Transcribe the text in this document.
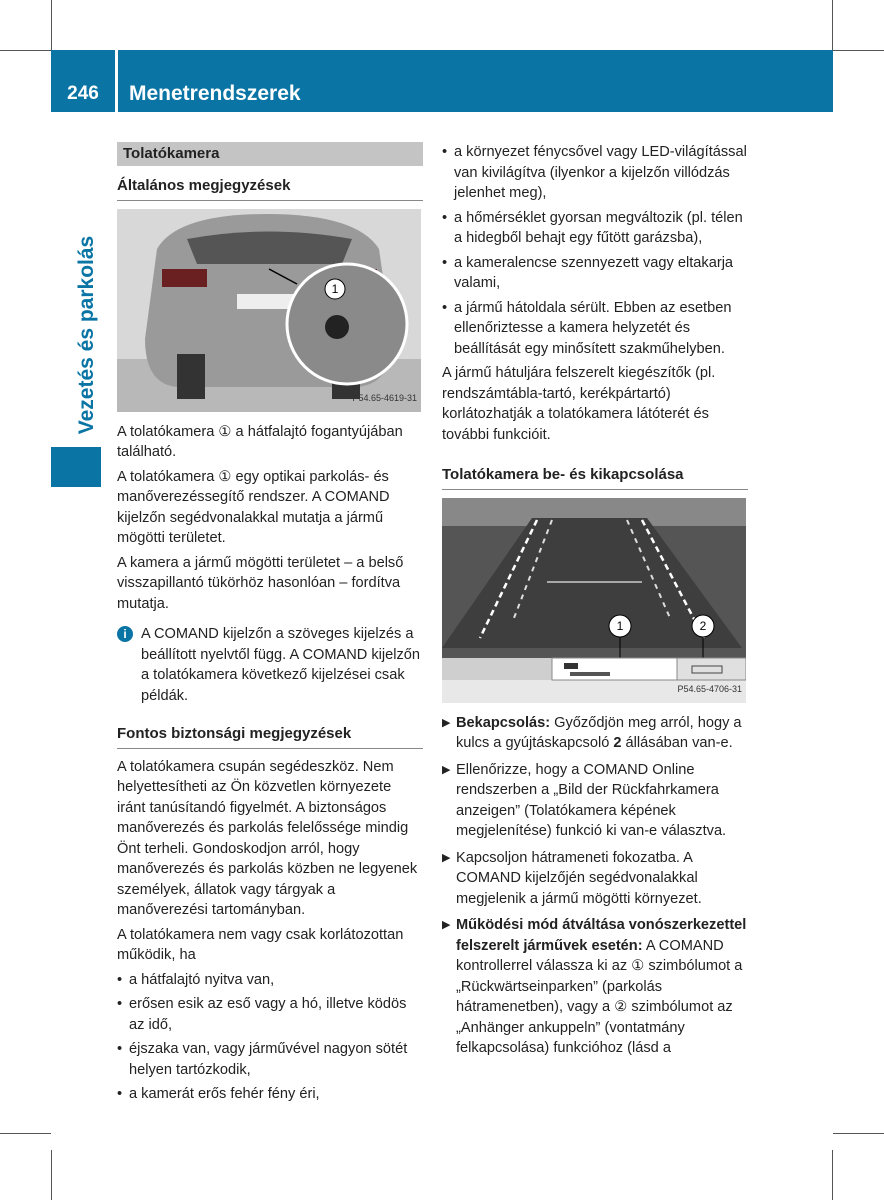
246	Menetrendszerek
Vezetés és parkolás
Tolatókamera
Általános megjegyzések
1
P54.65-4619-31

A tolatókamera ① a hátfalajtó fogantyújában található.

A tolatókamera ① egy optikai parkolás- és manőverezéssegítő rendszer. A COMAND kijelzőn segédvonalakkal mutatja a jármű mögötti területet.

A kamera a jármű mögötti területet – a belső visszapillantó tükörhöz hasonlóan – fordítva mutatja.

i A COMAND kijelzőn a szöveges kijelzés a beállított nyelvtől függ. A COMAND kijelzőn a tolatókamera következő kijelzései csak példák.

Fontos biztonsági megjegyzések

A tolatókamera csupán segédeszköz. Nem helyettesítheti az Ön közvetlen környezete iránt tanúsítandó figyelmét. A biztonságos manőverezés és parkolás felelőssége mindig Önt terheli. Gondoskodjon arról, hogy manőverezés és parkolás közben ne legyenek személyek, állatok vagy tárgyak a manőverezési tartományban.

A tolatókamera nem vagy csak korlátozottan működik, ha

• a hátfalajtó nyitva van,
• erősen esik az eső vagy a hó, illetve ködös az idő,
• éjszaka van, vagy járművével nagyon sötét helyen tartózkodik,
• a kamerát erős fehér fény éri,
• a környezet fénycsővel vagy LED-világítással van kivilágítva (ilyenkor a kijelzőn villódzás jelenhet meg),
• a hőmérséklet gyorsan megváltozik (pl. télen a hidegből behajt egy fűtött garázsba),
• a kameralencse szennyezett vagy eltakarja valami,
• a jármű hátoldala sérült. Ebben az esetben ellenőriztesse a kamera helyzetét és beállítását egy minősített szakműhelyben.

A jármű hátuljára felszerelt kiegészítők (pl. rendszámtábla-tartó, kerékpártartó) korlátozhatják a tolatókamera látóterét és további funkcióit.

Tolatókamera be- és kikapcsolása
1	2
P54.65-4706-31
▶ Bekapcsolás: Győződjön meg arról, hogy a kulcs a gyújtáskapcsoló 2 állásában van-e.
▶ Ellenőrizze, hogy a COMAND Online rendszerben a „Bild der Rückfahrkamera anzeigen” (Tolatókamera képének megjelenítése) funkció ki van-e választva.
▶ Kapcsoljon hátrameneti fokozatba. A COMAND kijelzőjén segédvonalakkal megjelenik a jármű mögötti környezet.
▶ Működési mód átváltása vonószerkezettel felszerelt járművek esetén: A COMAND kontrollerrel válassza ki az ① szimbólumot a „Rückwärtseinparken” (parkolás hátramenetben), vagy a ② szimbólumot az „Anhänger ankuppeln” (vontatmány felkapcsolása) funkcióhoz (lásd a
